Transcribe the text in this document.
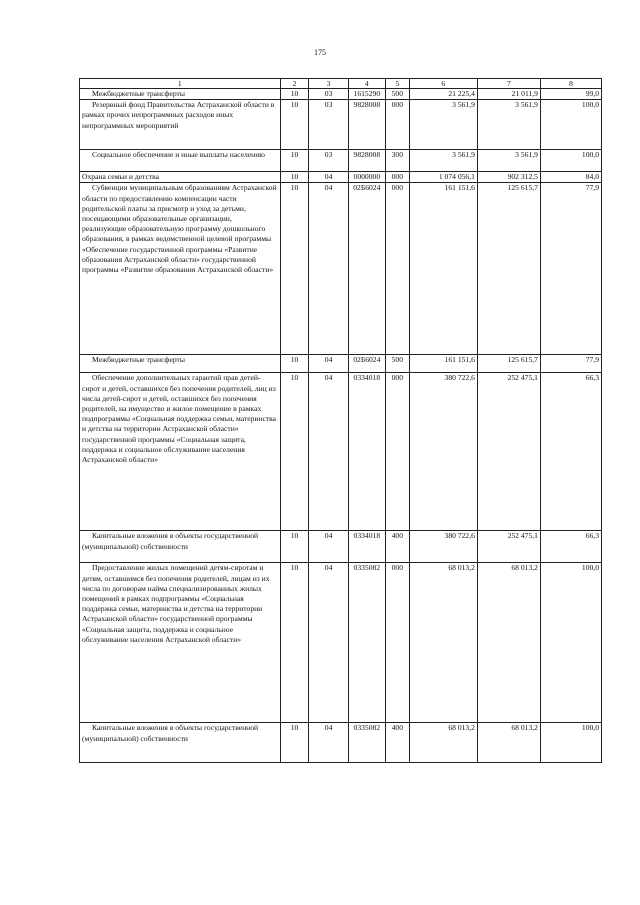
175
1	2	3	4	5	6	7	8
Межбюджетные трансферты	10	03	1615290	500	21 225,4	21 011,9	99,0
Резервный фонд Правительства Астраханской области в рамках прочих непрограммных расходов иных непрограммных мероприятий	10	03	9828008	000	3 561,9	3 561,9	100,0
Социальное обеспечение и иные выплаты населению	10	03	9828008	300	3 561,9	3 561,9	100,0
Охрана семьи и детства	10	04	0000000	000	1 074 056,1	902 312,5	84,0
Субвенции муниципальным образованиям Астраханской области по предоставлению компенсации части родительской платы за присмотр и уход за детьми, посещающими образовательные организации, реализующие образовательную программу дошкольного образования, в рамках ведомственной целевой программы «Обеспечение государственной программы «Развитие образования Астраханской области» государственной программы «Развитие образования Астраханской области»	10	04	02Б6024	000	161 151,6	125 615,7	77,9
Межбюджетные трансферты	10	04	02Б6024	500	161 151,6	125 615,7	77,9
Обеспечение дополнительных гарантий прав детей-сирот и детей, оставшихся без попечения родителей, лиц из числа детей-сирот и детей, оставшихся без попечения родителей, на имущество и жилое помещение в рамках подпрограммы «Социальная поддержка семьи, материнства и детства на территории Астраханской области» государственной программы «Социальная защита, поддержка и социальное обслуживание населения Астраханской области»	10	04	0334018	000	380 722,6	252 475,1	66,3
Капитальные вложения в объекты государственной (муниципальной) собственности	10	04	0334018	400	380 722,6	252 475,1	66,3
Предоставление жилых помещений детям-сиротам и детям, оставшимся без попечения родителей, лицам из их числа по договорам найма специализированных жилых помещений в рамках подпрограммы «Социальная поддержка семьи, материнства и детства на территории Астраханской области» государственной программы «Социальная защита, поддержка и социальное обслуживание населения Астраханской области»	10	04	0335082	000	68 013,2	68 013,2	100,0
Капитальные вложения в объекты государственной (муниципальной) собственности	10	04	0335082	400	68 013,2	68 013,2	100,0
